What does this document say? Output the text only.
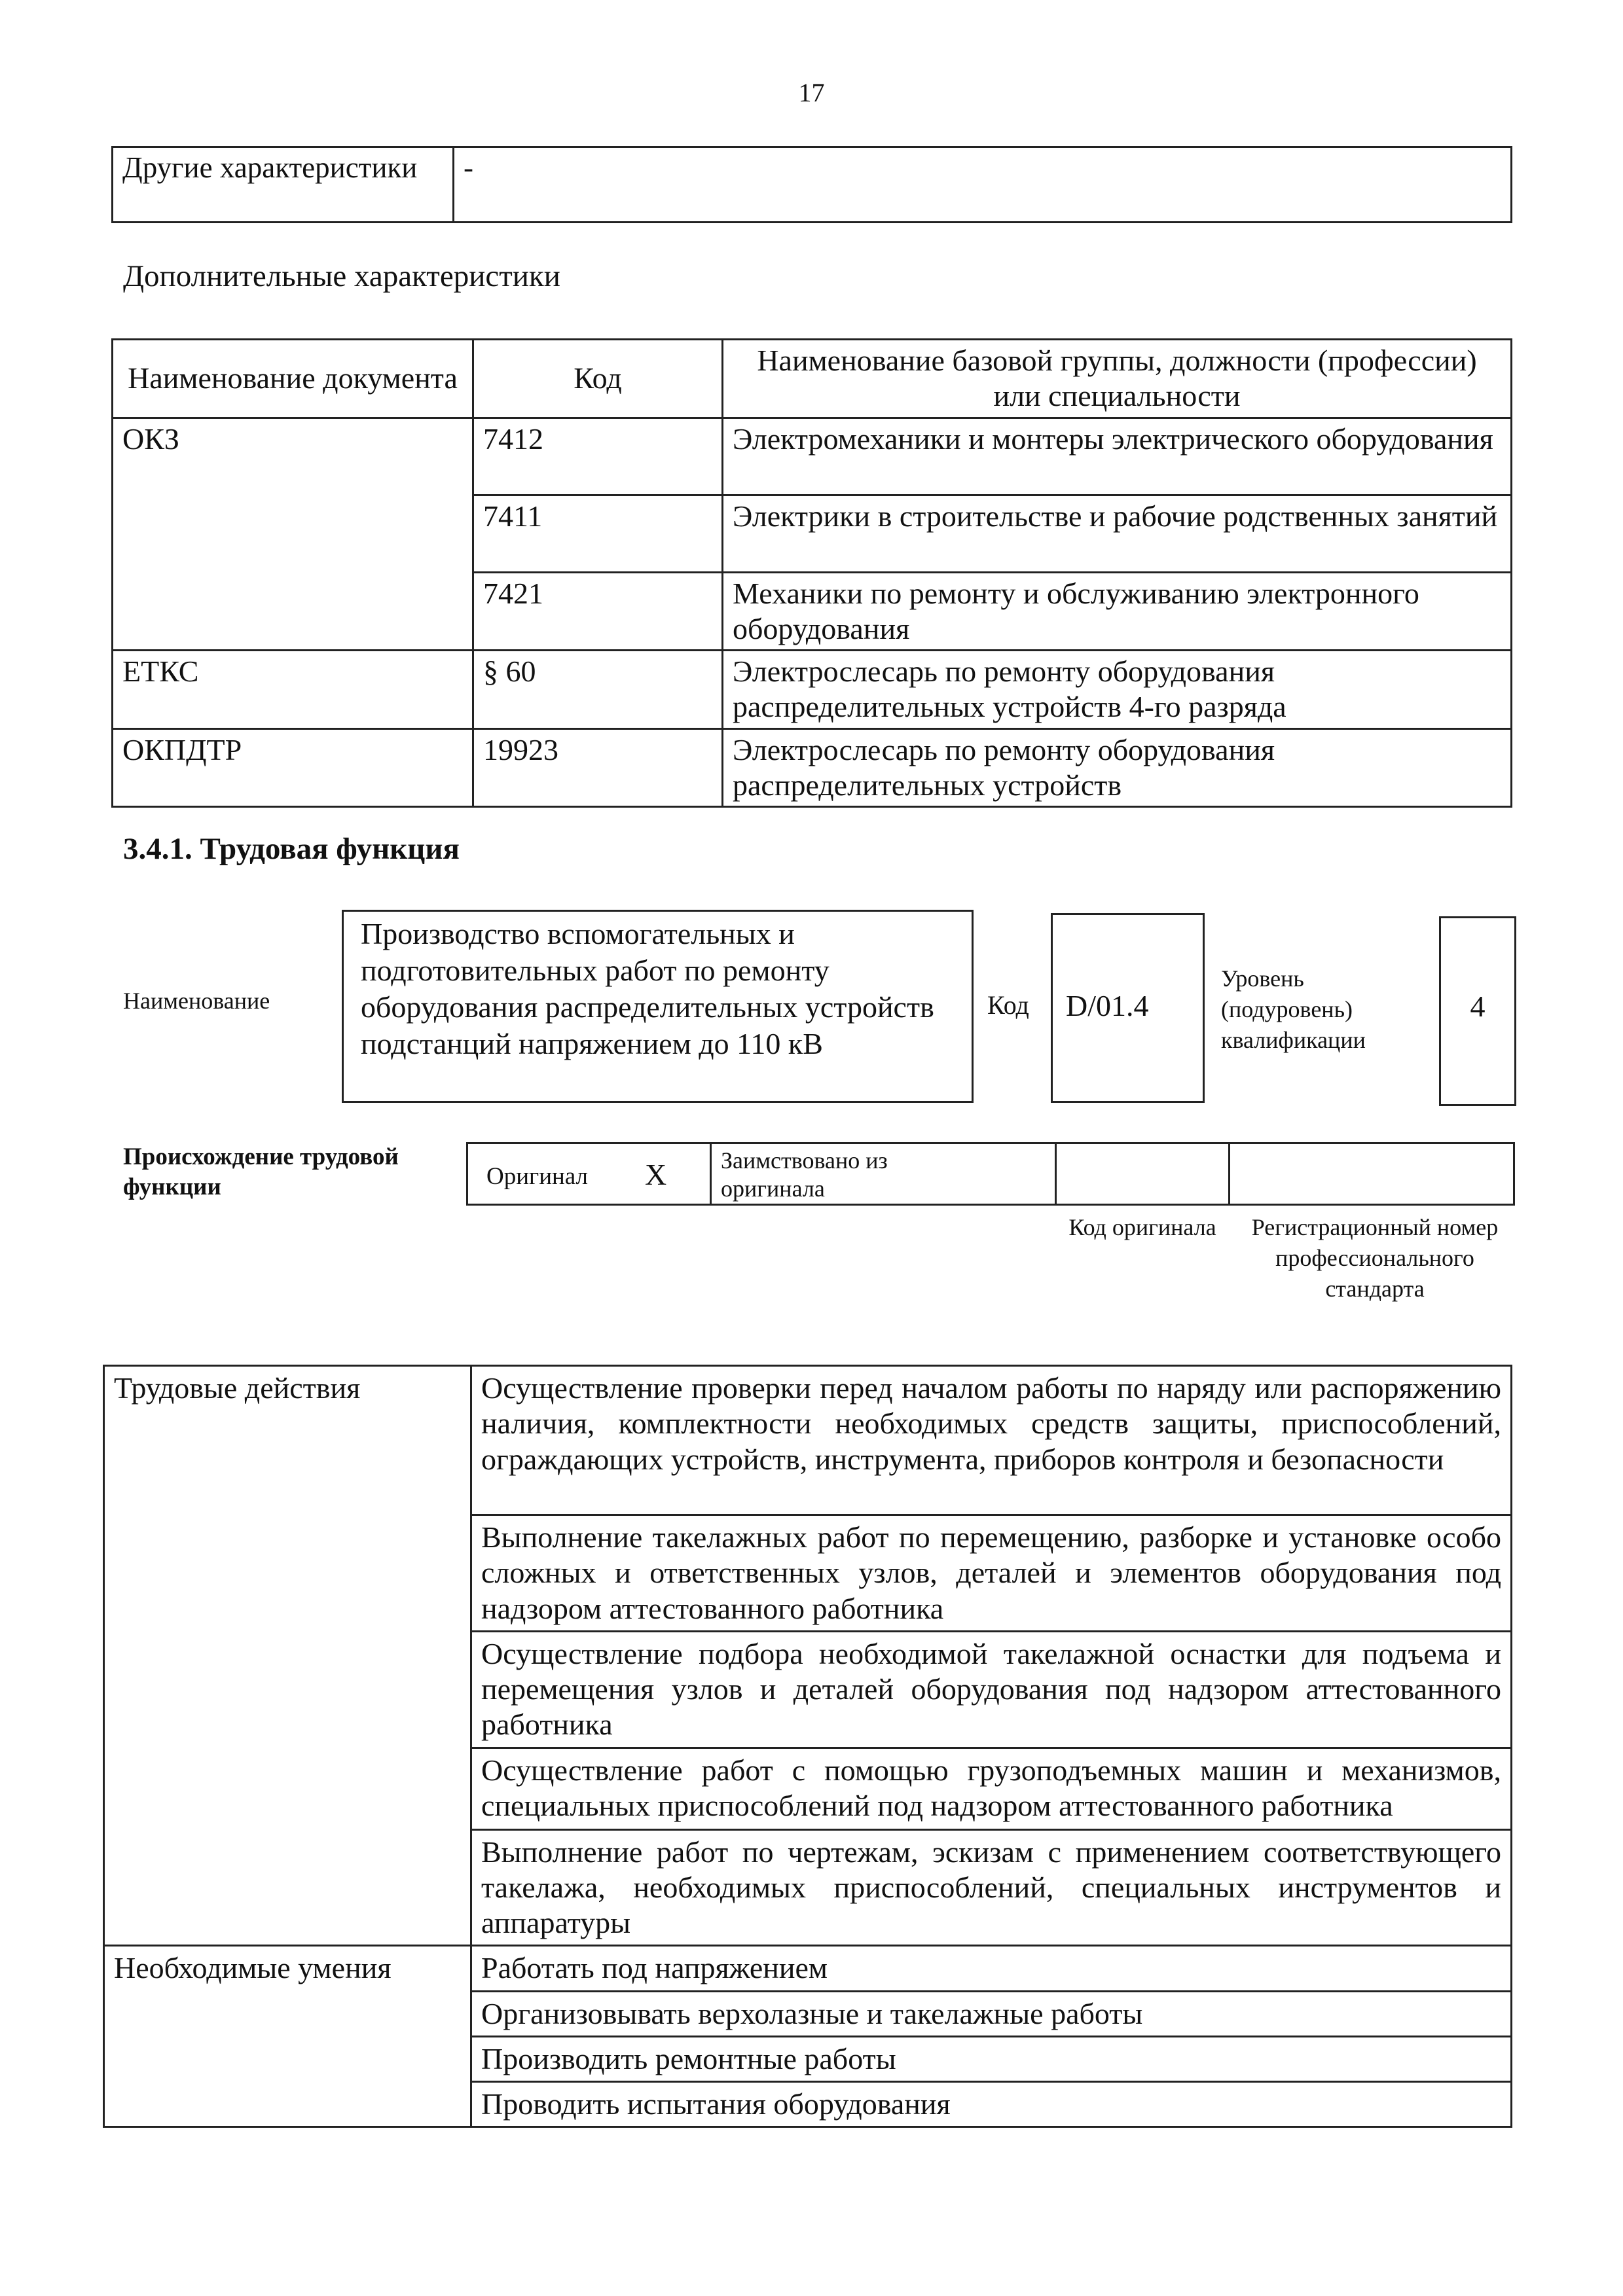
17
Другие характеристики	-
Дополнительные характеристики
Наименование документа	Код	Наименование базовой группы, должности (профессии) или специальности
ОКЗ	7412	Электромеханики и монтеры электрического оборудования
	7411	Электрики в строительстве и рабочие родственных занятий
	7421	Механики по ремонту и обслуживанию электронного оборудования
ЕТКС	§ 60	Электрослесарь по ремонту оборудования распределительных устройств 4-го разряда
ОКПДТР	19923	Электрослесарь по ремонту оборудования распределительных устройств
3.4.1. Трудовая функция
Наименование
Производство вспомогательных и подготовительных работ по ремонту оборудования распределительных устройств подстанций напряжением до 110 кВ
Код D/01.4
Уровень (подуровень) квалификации
4
Происхождение трудовой функции	Оригинал X Заимствовано из оригинала
Код оригинала	Регистрационный номер профессионального стандарта
Трудовые действия	Осуществление проверки перед началом работы по наряду или распоряжению наличия, комплектности необходимых средств защиты, приспособлений, ограждающих устройств, инструмента, приборов контроля и безопасности
	Выполнение такелажных работ по перемещению, разборке и установке особо сложных и ответственных узлов, деталей и элементов оборудования под надзором аттестованного работника
	Осуществление подбора необходимой такелажной оснастки для подъема и перемещения узлов и деталей оборудования под надзором аттестованного работника
	Осуществление работ с помощью грузоподъемных машин и механизмов, специальных приспособлений под надзором аттестованного работника
	Выполнение работ по чертежам, эскизам с применением соответствующего такелажа, необходимых приспособлений, специальных инструментов и аппаратуры
Необходимые умения	Работать под напряжением
	Организовывать верхолазные и такелажные работы
	Производить ремонтные работы
	Проводить испытания оборудования
